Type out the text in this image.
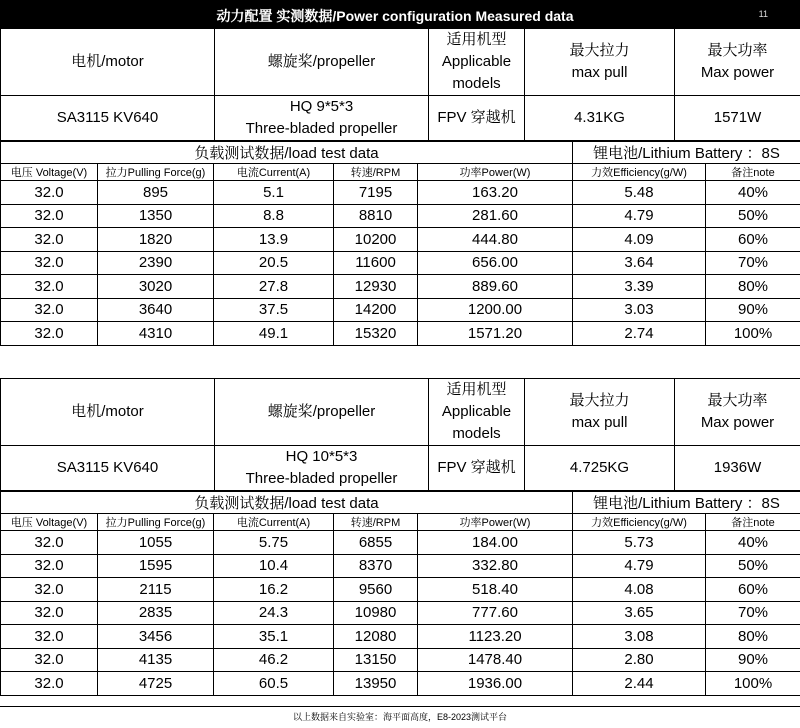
动力配置 实测数据/Power configuration Measured data	11
电机/motor	螺旋桨/propeller	适用机型
Applicable
models	最大拉力
max pull	最大功率
Max power

SA3115 KV640	HQ 9*5*3
Three-bladed propeller	FPV 穿越机	4.31KG	1571W
负载测试数据/load test data					锂电池/Lithium Battery ：8S	
电压 Voltage(V)	拉力Pulling Force(g)	电流Current(A)	转速/RPM	功率Power(W)	力效Efficiency(g/W)	备注note
32.0	895	5.1	7195	163.20	5.48	40%
32.0	1350	8.8	8810	281.60	4.79	50%
32.0	1820	13.9	10200	444.80	4.09	60%
32.0	2390	20.5	11600	656.00	3.64	70%
32.0	3020	27.8	12930	889.60	3.39	80%
32.0	3640	37.5	14200	1200.00	3.03	90%
32.0	4310	49.1	15320	1571.20	2.74	100%
电机/motor	螺旋桨/propeller	适用机型
Applicable
models	最大拉力
max pull	最大功率
Max power

SA3115 KV640	HQ 10*5*3
Three-bladed propeller	FPV 穿越机	4.725KG	1936W
负载测试数据/load test data					锂电池/Lithium Battery ：8S	
电压 Voltage(V)	拉力Pulling Force(g)	电流Current(A)	转速/RPM	功率Power(W)	力效Efficiency(g/W)	备注note
32.0	1055	5.75	6855	184.00	5.73	40%
32.0	1595	10.4	8370	332.80	4.79	50%
32.0	2115	16.2	9560	518.40	4.08	60%
32.0	2835	24.3	10980	777.60	3.65	70%
32.0	3456	35.1	12080	1123.20	3.08	80%
32.0	4135	46.2	13150	1478.40	2.80	90%
32.0	4725	60.5	13950	1936.00	2.44	100%
以上数据来自实验室：海平面高度，E8-2023测试平台
